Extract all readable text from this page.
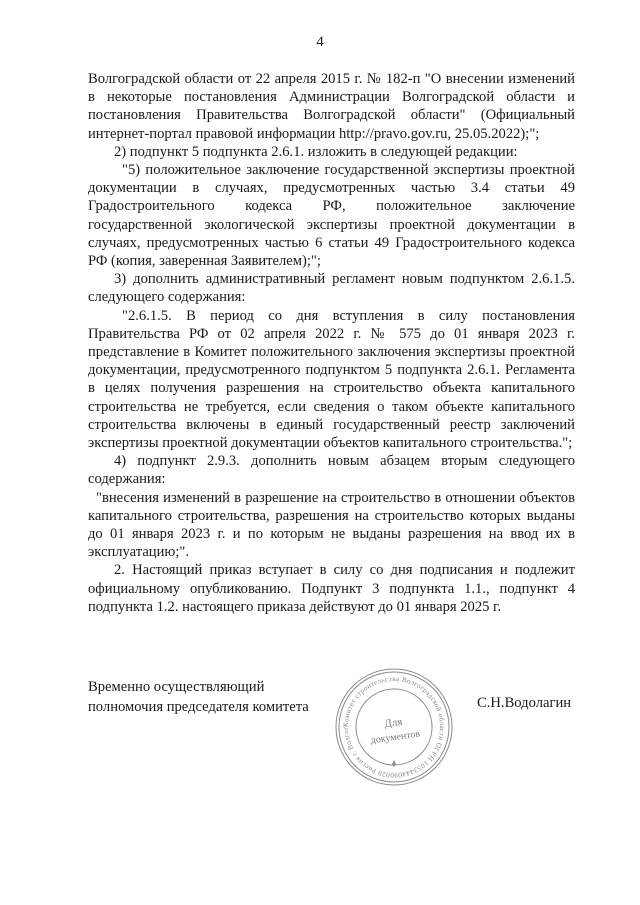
4

Волгоградской области от 22 апреля 2015 г. № 182-п "О внесении изменений в некоторые постановления Администрации Волгоградской области и постановления Правительства Волгоградской области" (Официальный интернет-портал правовой информации http://pravo.gov.ru, 25.05.2022);";

2) подпункт 5 подпункта 2.6.1. изложить в следующей редакции:

"5) положительное заключение государственной экспертизы проектной документации в случаях, предусмотренных частью 3.4 статьи 49 Градостроительного кодекса РФ, положительное заключение государственной экологической экспертизы проектной документации в случаях, предусмотренных частью 6 статьи 49 Градостроительного кодекса РФ (копия, заверенная Заявителем);";

3) дополнить административный регламент новым подпунктом 2.6.1.5. следующего содержания:

"2.6.1.5. В период со дня вступления в силу постановления Правительства РФ от 02 апреля 2022 г. № 575 до 01 января 2023 г. представление в Комитет положительного заключения экспертизы проектной документации, предусмотренного подпунктом 5 подпункта 2.6.1. Регламента в целях получения разрешения на строительство объекта капитального строительства не требуется, если сведения о таком объекте капитального строительства включены в единый государственный реестр заключений экспертизы проектной документации объектов капитального строительства.";

4) подпункт 2.9.3. дополнить новым абзацем вторым следующего содержания:

"внесения изменений в разрешение на строительство в отношении объектов капитального строительства, разрешения на строительство которых выданы до 01 января 2023 г. и по которым не выданы разрешения на ввод их в эксплуатацию;".

2. Настоящий приказ вступает в силу со дня подписания и подлежит официальному опубликованию. Подпункт 3 подпункта 1.1., подпункт 4 подпункта 1.2. настоящего приказа действуют до 01 января 2025 г.

Временно осуществляющий
полномочия председателя комитета
Комитет строительства Волгоградской области ОГРН 1053444090028 Россия г. Волгог	Для
документов
С.Н.Водолагин
